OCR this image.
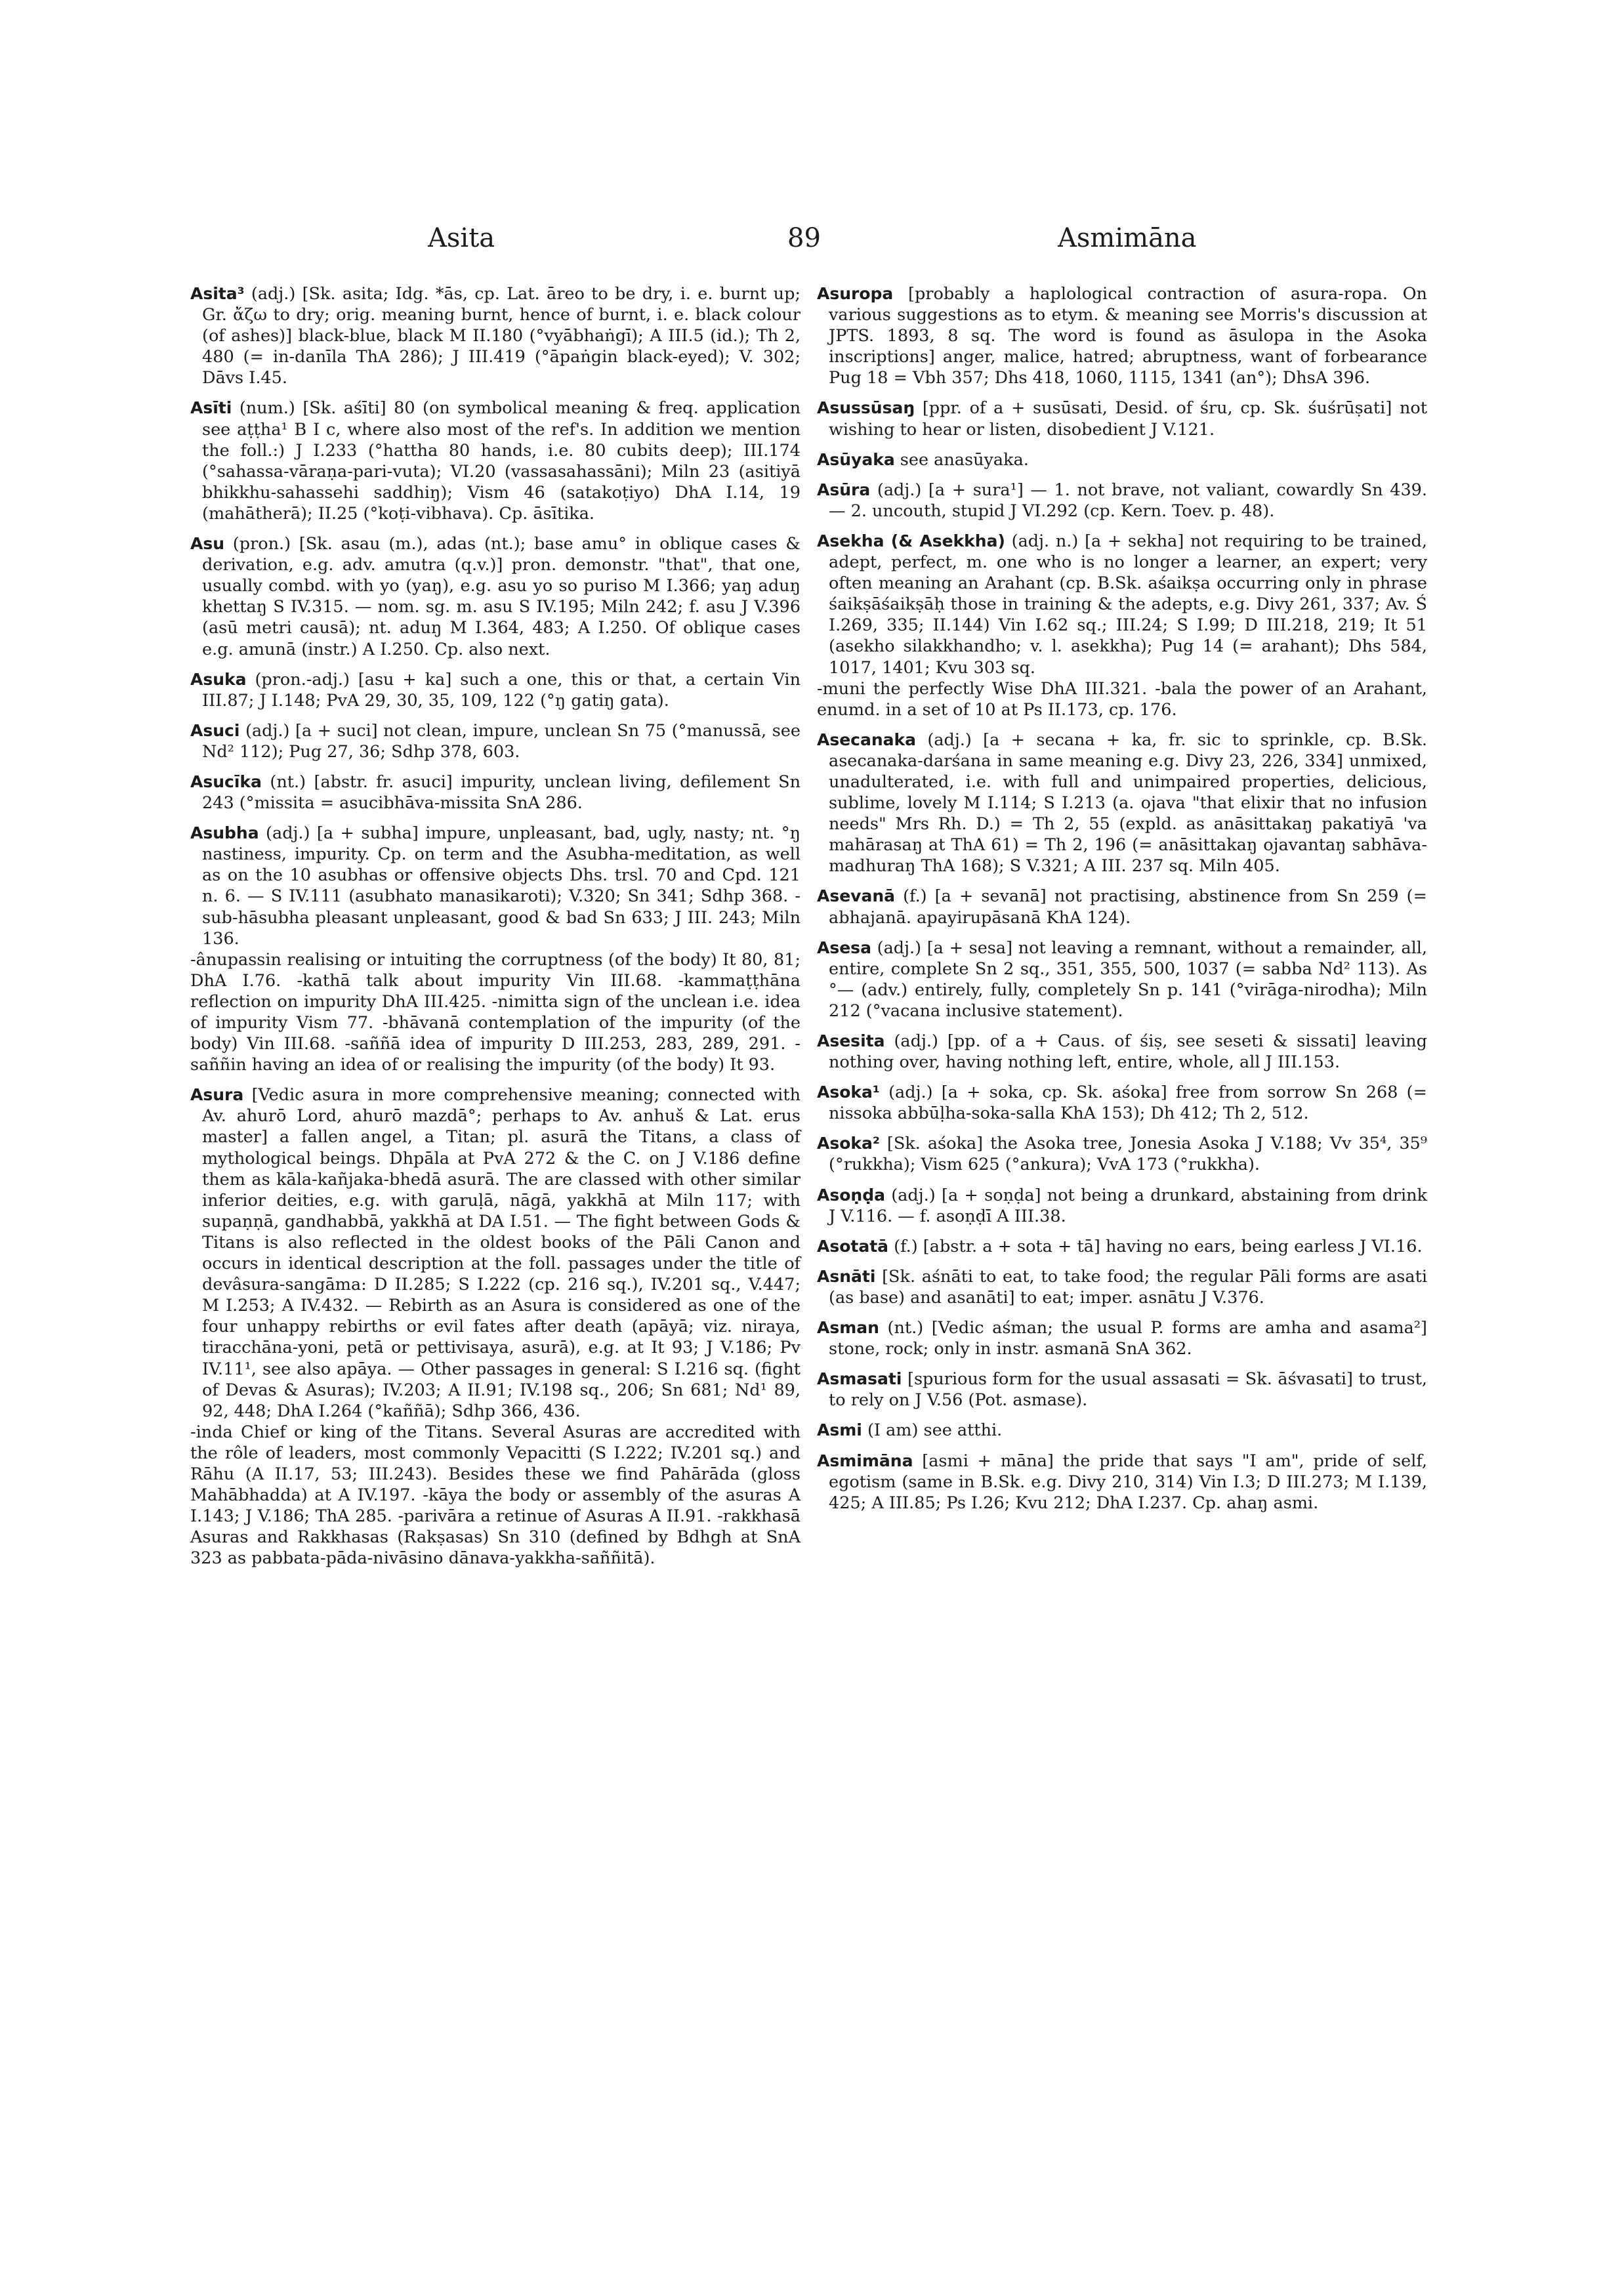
Asita	89	Asmimāna

Asita³ (adj.) [Sk. asita; Idg. *ās, cp. Lat. āreo to be dry, i. e. burnt up; Gr. ἄζω to dry; orig. meaning burnt, hence of burnt, i. e. black colour (of ashes)] black-blue, black M II.180 (°vyābhaṅgī); A III.5 (id.); Th 2, 480 (= in-danīla ThA 286); J III.419 (°āpaṅgin black-eyed); V. 302; Dāvs I.45.

Asīti (num.) [Sk. aśīti] 80 (on symbolical meaning & freq. application see aṭṭha¹ B I c, where also most of the ref's. In addition we mention the foll.:) J I.233 (°hattha 80 hands, i.e. 80 cubits deep); III.174 (°sahassa-vāraṇa-pari-vuta); VI.20 (vassasahassāni); Miln 23 (asitiyā bhikkhu-sahassehi saddhiŋ); Vism 46 (satakoṭiyo) DhA I.14, 19 (mahātherā); II.25 (°koṭi-vibhava). Cp. āsītika.

Asu (pron.) [Sk. asau (m.), adas (nt.); base amu° in oblique cases & derivation, e.g. adv. amutra (q.v.)] pron. demonstr. "that", that one, usually combd. with yo (yaŋ), e.g. asu yo so puriso M I.366; yaŋ aduŋ khettaŋ S IV.315. — nom. sg. m. asu S IV.195; Miln 242; f. asu J V.396 (asū metri causā); nt. aduŋ M I.364, 483; A I.250. Of oblique cases e.g. amunā (instr.) A I.250. Cp. also next.

Asuka (pron.-adj.) [asu + ka] such a one, this or that, a certain Vin III.87; J I.148; PvA 29, 30, 35, 109, 122 (°ŋ gatiŋ gata).

Asuci (adj.) [a + suci] not clean, impure, unclean Sn 75 (°manussā, see Nd² 112); Pug 27, 36; Sdhp 378, 603.

Asucīka (nt.) [abstr. fr. asuci] impurity, unclean living, defilement Sn 243 (°missita = asucibhāva-missita SnA 286.

Asubha (adj.) [a + subha] impure, unpleasant, bad, ugly, nasty; nt. °ŋ nastiness, impurity. Cp. on term and the Asubha-meditation, as well as on the 10 asubhas or offensive objects Dhs. trsl. 70 and Cpd. 121 n. 6. — S IV.111 (asubhato manasikaroti); V.320; Sn 341; Sdhp 368. -sub-hāsubha pleasant unpleasant, good & bad Sn 633; J III. 243; Miln 136.

-ânupassin realising or intuiting the corruptness (of the body) It 80, 81; DhA I.76. -kathā talk about impurity Vin III.68. -kammaṭṭhāna reflection on impurity DhA III.425. -nimitta sign of the unclean i.e. idea of impurity Vism 77. -bhāvanā contemplation of the impurity (of the body) Vin III.68. -saññā idea of impurity D III.253, 283, 289, 291. -saññin having an idea of or realising the impurity (of the body) It 93.

Asura [Vedic asura in more comprehensive meaning; connected with Av. ahurō Lord, ahurō mazdā°; perhaps to Av. anhuš & Lat. erus master] a fallen angel, a Titan; pl. asurā the Titans, a class of mythological beings. Dhpāla at PvA 272 & the C. on J V.186 define them as kāla-kañjaka-bhedā asurā. The are classed with other similar inferior deities, e.g. with garuḷā, nāgā, yakkhā at Miln 117; with supaṇṇā, gandhabbā, yakkhā at DA I.51. — The fight between Gods & Titans is also reflected in the oldest books of the Pāli Canon and occurs in identical description at the foll. passages under the title of devâsura-sangāma: D II.285; S I.222 (cp. 216 sq.), IV.201 sq., V.447; M I.253; A IV.432. — Rebirth as an Asura is considered as one of the four unhappy rebirths or evil fates after death (apāyā; viz. niraya, tiracchāna-yoni, petā or pettivisaya, asurā), e.g. at It 93; J V.186; Pv IV.11¹, see also apāya. — Other passages in general: S I.216 sq. (fight of Devas & Asuras); IV.203; A II.91; IV.198 sq., 206; Sn 681; Nd¹ 89, 92, 448; DhA I.264 (°kaññā); Sdhp 366, 436.

-inda Chief or king of the Titans. Several Asuras are accredited with the rôle of leaders, most commonly Vepacitti (S I.222; IV.201 sq.) and Rāhu (A II.17, 53; III.243). Besides these we find Pahārāda (gloss Mahābhadda) at A IV.197. -kāya the body or assembly of the asuras A I.143; J V.186; ThA 285. -parivāra a retinue of Asuras A II.91. -rakkhasā Asuras and Rakkhasas (Rakṣasas) Sn 310 (defined by Bdhgh at SnA 323 as pabbata-pāda-nivāsino dānava-yakkha-saññitā).

Asuropa [probably a haplological contraction of asura-ropa. On various suggestions as to etym. & meaning see Morris's discussion at JPTS. 1893, 8 sq. The word is found as āsulopa in the Asoka inscriptions] anger, malice, hatred; abruptness, want of forbearance Pug 18 = Vbh 357; Dhs 418, 1060, 1115, 1341 (an°); DhsA 396.

Asussūsaŋ [ppr. of a + susūsati, Desid. of śru, cp. Sk. śuśrūṣati] not wishing to hear or listen, disobedient J V.121.

Asūyaka see anasūyaka.

Asūra (adj.) [a + sura¹] — 1. not brave, not valiant, cowardly Sn 439. — 2. uncouth, stupid J VI.292 (cp. Kern. Toev. p. 48).

Asekha (& Asekkha) (adj. n.) [a + sekha] not requiring to be trained, adept, perfect, m. one who is no longer a learner, an expert; very often meaning an Arahant (cp. B.Sk. aśaikṣa occurring only in phrase śaikṣāśaikṣāḥ those in training & the adepts, e.g. Divy 261, 337; Av. Ś I.269, 335; II.144) Vin I.62 sq.; III.24; S I.99; D III.218, 219; It 51 (asekho silakkhandho; v. l. asekkha); Pug 14 (= arahant); Dhs 584, 1017, 1401; Kvu 303 sq.

-muni the perfectly Wise DhA III.321. -bala the power of an Arahant, enumd. in a set of 10 at Ps II.173, cp. 176.

Asecanaka (adj.) [a + secana + ka, fr. sic to sprinkle, cp. B.Sk. asecanaka-darśana in same meaning e.g. Divy 23, 226, 334] unmixed, unadulterated, i.e. with full and unimpaired properties, delicious, sublime, lovely M I.114; S I.213 (a. ojava "that elixir that no infusion needs" Mrs Rh. D.) = Th 2, 55 (expld. as anāsittakaŋ pakatiyā 'va mahārasaŋ at ThA 61) = Th 2, 196 (= anāsittakaŋ ojavantaŋ sabhāva-madhuraŋ ThA 168); S V.321; A III. 237 sq. Miln 405.

Asevanā (f.) [a + sevanā] not practising, abstinence from Sn 259 (= abhajanā. apayirupāsanā KhA 124).

Asesa (adj.) [a + sesa] not leaving a remnant, without a remainder, all, entire, complete Sn 2 sq., 351, 355, 500, 1037 (= sabba Nd² 113). As °— (adv.) entirely, fully, completely Sn p. 141 (°virāga-nirodha); Miln 212 (°vacana inclusive statement).

Asesita (adj.) [pp. of a + Caus. of śiṣ, see seseti & sissati] leaving nothing over, having nothing left, entire, whole, all J III.153.

Asoka¹ (adj.) [a + soka, cp. Sk. aśoka] free from sorrow Sn 268 (= nissoka abbūḷha-soka-salla KhA 153); Dh 412; Th 2, 512.

Asoka² [Sk. aśoka] the Asoka tree, Jonesia Asoka J V.188; Vv 35⁴, 35⁹ (°rukkha); Vism 625 (°ankura); VvA 173 (°rukkha).

Asoṇḍa (adj.) [a + soṇḍa] not being a drunkard, abstaining from drink J V.116. — f. asoṇḍī A III.38.

Asotatā (f.) [abstr. a + sota + tā] having no ears, being earless J VI.16.

Asnāti [Sk. aśnāti to eat, to take food; the regular Pāli forms are asati (as base) and asanāti] to eat; imper. asnātu J V.376.

Asman (nt.) [Vedic aśman; the usual P. forms are amha and asama²] stone, rock; only in instr. asmanā SnA 362.

Asmasati [spurious form for the usual assasati = Sk. āśvasati] to trust, to rely on J V.56 (Pot. asmase).

Asmi (I am) see atthi.

Asmimāna [asmi + māna] the pride that says "I am", pride of self, egotism (same in B.Sk. e.g. Divy 210, 314) Vin I.3; D III.273; M I.139, 425; A III.85; Ps I.26; Kvu 212; DhA I.237. Cp. ahaŋ asmi.
